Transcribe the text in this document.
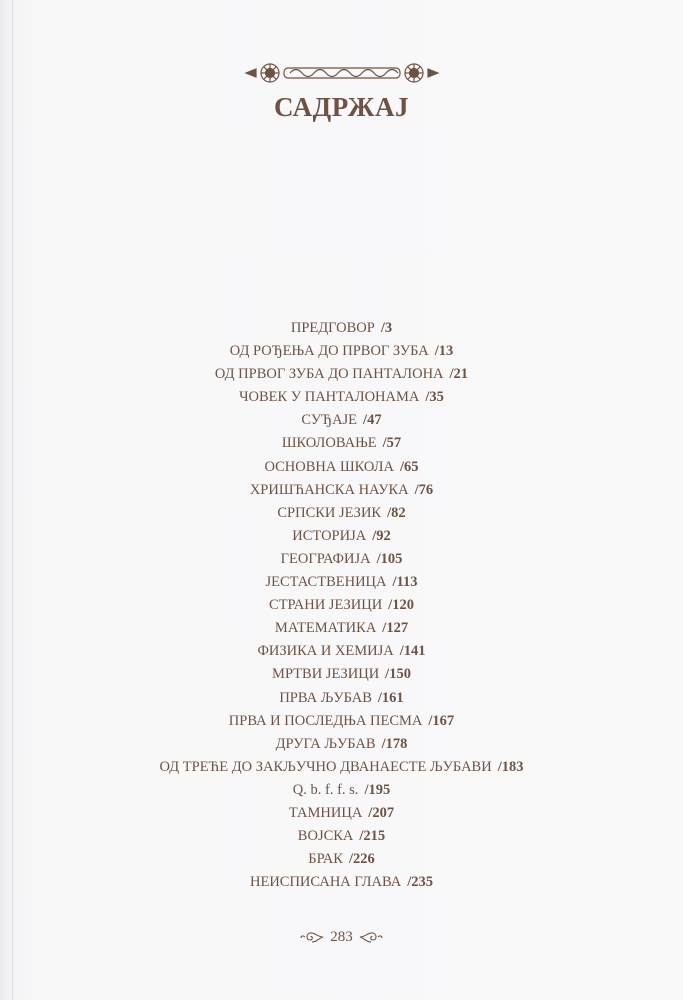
САДРЖАЈ
ПРЕДГОВОР /3
ОД РОЂЕЊА ДО ПРВОГ ЗУБА /13
ОД ПРВОГ ЗУБА ДО ПАНТАЛОНА /21
ЧОВЕК У ПАНТАЛОНАМА /35
СУЂАЈЕ /47
ШКОЛОВАЊЕ /57
ОСНОВНА ШКОЛА /65
ХРИШЋАНСКА НАУКА /76
СРПСКИ ЈЕЗИК /82
ИСТОРИЈА /92
ГЕОГРАФИЈА /105
ЈЕСТАСТВЕНИЦА /113
СТРАНИ ЈЕЗИЦИ /120
МАТЕМАТИКА /127
ФИЗИКА И ХЕМИЈА /141
МРТВИ ЈЕЗИЦИ /150
ПРВА ЉУБАВ /161
ПРВА И ПОСЛЕДЊА ПЕСМА /167
ДРУГА ЉУБАВ /178
ОД ТРЕЋЕ ДО ЗАКЉУЧНО ДВАНАЕСТЕ ЉУБАВИ /183
Q. b. f. f. s. /195
ТАМНИЦА /207
ВОЈСКА /215
БРАК /226
НЕИСПИСАНА ГЛАВА /235
283
